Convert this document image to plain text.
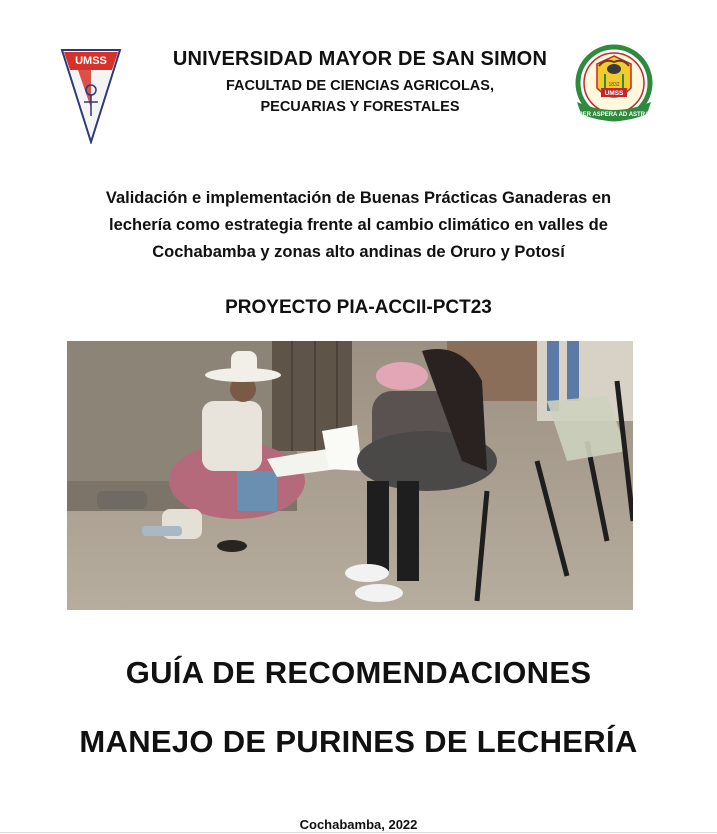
UMSS	UNIVERSIDAD MAYOR DE SAN SIMON
FACULTAD DE CIENCIAS AGRICOLAS,
PECUARIAS Y FORESTALES
UMSS
1832
PER ASPERA AD ASTRA
Validación e implementación de Buenas Prácticas Ganaderas en
lechería como estrategia frente al cambio climático en valles de
Cochabamba y zonas alto andinas de Oruro y Potosí
PROYECTO PIA-ACCII-PCT23
GUÍA DE RECOMENDACIONES
MANEJO DE PURINES DE LECHERÍA
Cochabamba, 2022
